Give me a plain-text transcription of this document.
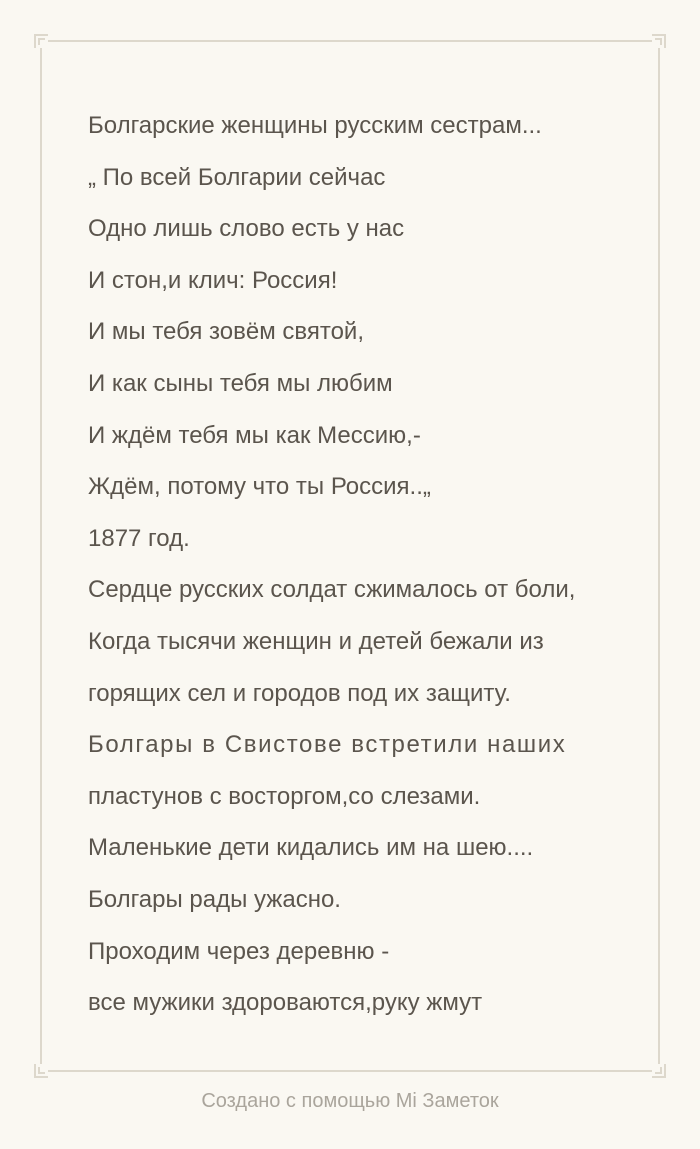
Болгарские женщины русским сестрам...
„ По всей Болгарии сейчас
Одно лишь слово есть у нас
И стон,и клич: Россия!
И мы тебя зовём святой,
И как сыны тебя мы любим
И ждём тебя мы как Мессию,-
Ждём, потому что ты Россия..„
1877 год.
Сердце русских солдат сжималось от боли,
Когда тысячи женщин и детей бежали из
горящих сел и городов под их защиту.
Болгары в Свистове встретили наших
пластунов с восторгом,со слезами.
Маленькие дети кидались им на шею....
Болгары рады ужасно.
Проходим через деревню -
все мужики здороваются,руку жмут
Создано с помощью Mi Заметок
